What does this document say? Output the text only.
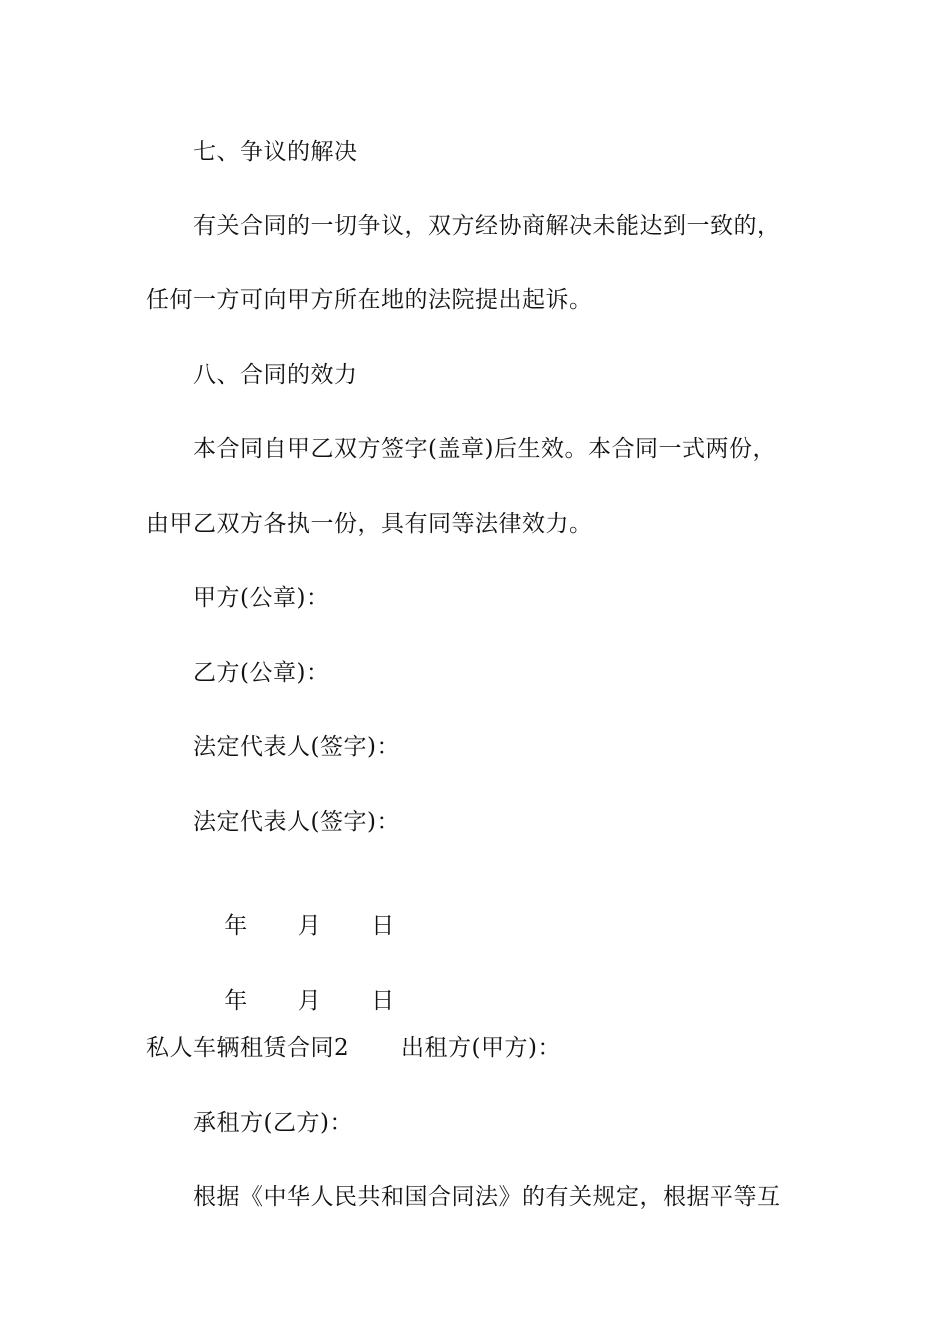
七、争议的解决
有关合同的一切争议，双方经协商解决未能达到一致的，
任何一方可向甲方所在地的法院提出起诉。
八、合同的效力
本合同自甲乙双方签字(盖章)后生效。本合同一式两份，
由甲乙双方各执一份，具有同等法律效力。
甲方(公章)：
乙方(公章)：
法定代表人(签字)：
法定代表人(签字)：

年 月 日

年 月 日

私人车辆租赁合同2 出租方(甲方)：
承租方(乙方)：
根据《中华人民共和国合同法》的有关规定，根据平等互
